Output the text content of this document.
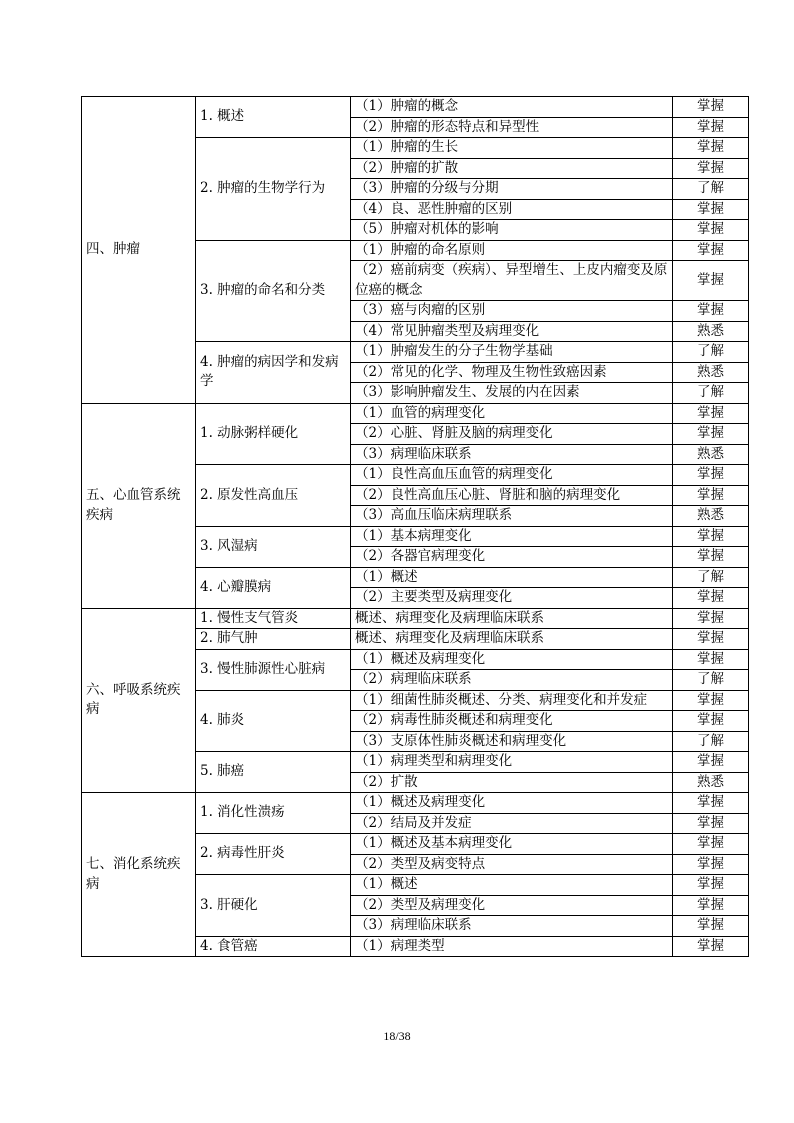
四、肿瘤	1. 概述	（1）肿瘤的概念	掌握
		（2）肿瘤的形态特点和异型性	掌握
	2. 肿瘤的生物学行为	（1）肿瘤的生长	掌握
		（2）肿瘤的扩散	掌握
		（3）肿瘤的分级与分期	了解
		（4）良、恶性肿瘤的区别	掌握
		（5）肿瘤对机体的影响	掌握
	3. 肿瘤的命名和分类	（1）肿瘤的命名原则	掌握
		（2）癌前病变（疾病）、异型增生、上皮内瘤变及原位癌的概念	掌握
		（3）癌与肉瘤的区别	掌握
		（4）常见肿瘤类型及病理变化	熟悉
	4. 肿瘤的病因学和发病学	（1）肿瘤发生的分子生物学基础	了解
		（2）常见的化学、物理及生物性致癌因素	熟悉
		（3）影响肿瘤发生、发展的内在因素	了解
五、心血管系统疾病	1. 动脉粥样硬化	（1）血管的病理变化	掌握
		（2）心脏、肾脏及脑的病理变化	掌握
		（3）病理临床联系	熟悉
	2. 原发性高血压	（1）良性高血压血管的病理变化	掌握
		（2）良性高血压心脏、肾脏和脑的病理变化	掌握
		（3）高血压临床病理联系	熟悉
	3. 风湿病	（1）基本病理变化	掌握
		（2）各器官病理变化	掌握
	4. 心瓣膜病	（1）概述	了解
		（2）主要类型及病理变化	掌握
六、呼吸系统疾病	1. 慢性支气管炎	概述、病理变化及病理临床联系	掌握
	2. 肺气肿	概述、病理变化及病理临床联系	掌握
	3. 慢性肺源性心脏病	（1）概述及病理变化	掌握
		（2）病理临床联系	了解
	4. 肺炎	（1）细菌性肺炎概述、分类、病理变化和并发症	掌握
		（2）病毒性肺炎概述和病理变化	掌握
		（3）支原体性肺炎概述和病理变化	了解
	5. 肺癌	（1）病理类型和病理变化	掌握
		（2）扩散	熟悉
七、消化系统疾病	1. 消化性溃疡	（1）概述及病理变化	掌握
		（2）结局及并发症	掌握
	2. 病毒性肝炎	（1）概述及基本病理变化	掌握
		（2）类型及病变特点	掌握
	3. 肝硬化	（1）概述	掌握
		（2）类型及病理变化	掌握
		（3）病理临床联系	掌握
	4. 食管癌	（1）病理类型	掌握
18/38
